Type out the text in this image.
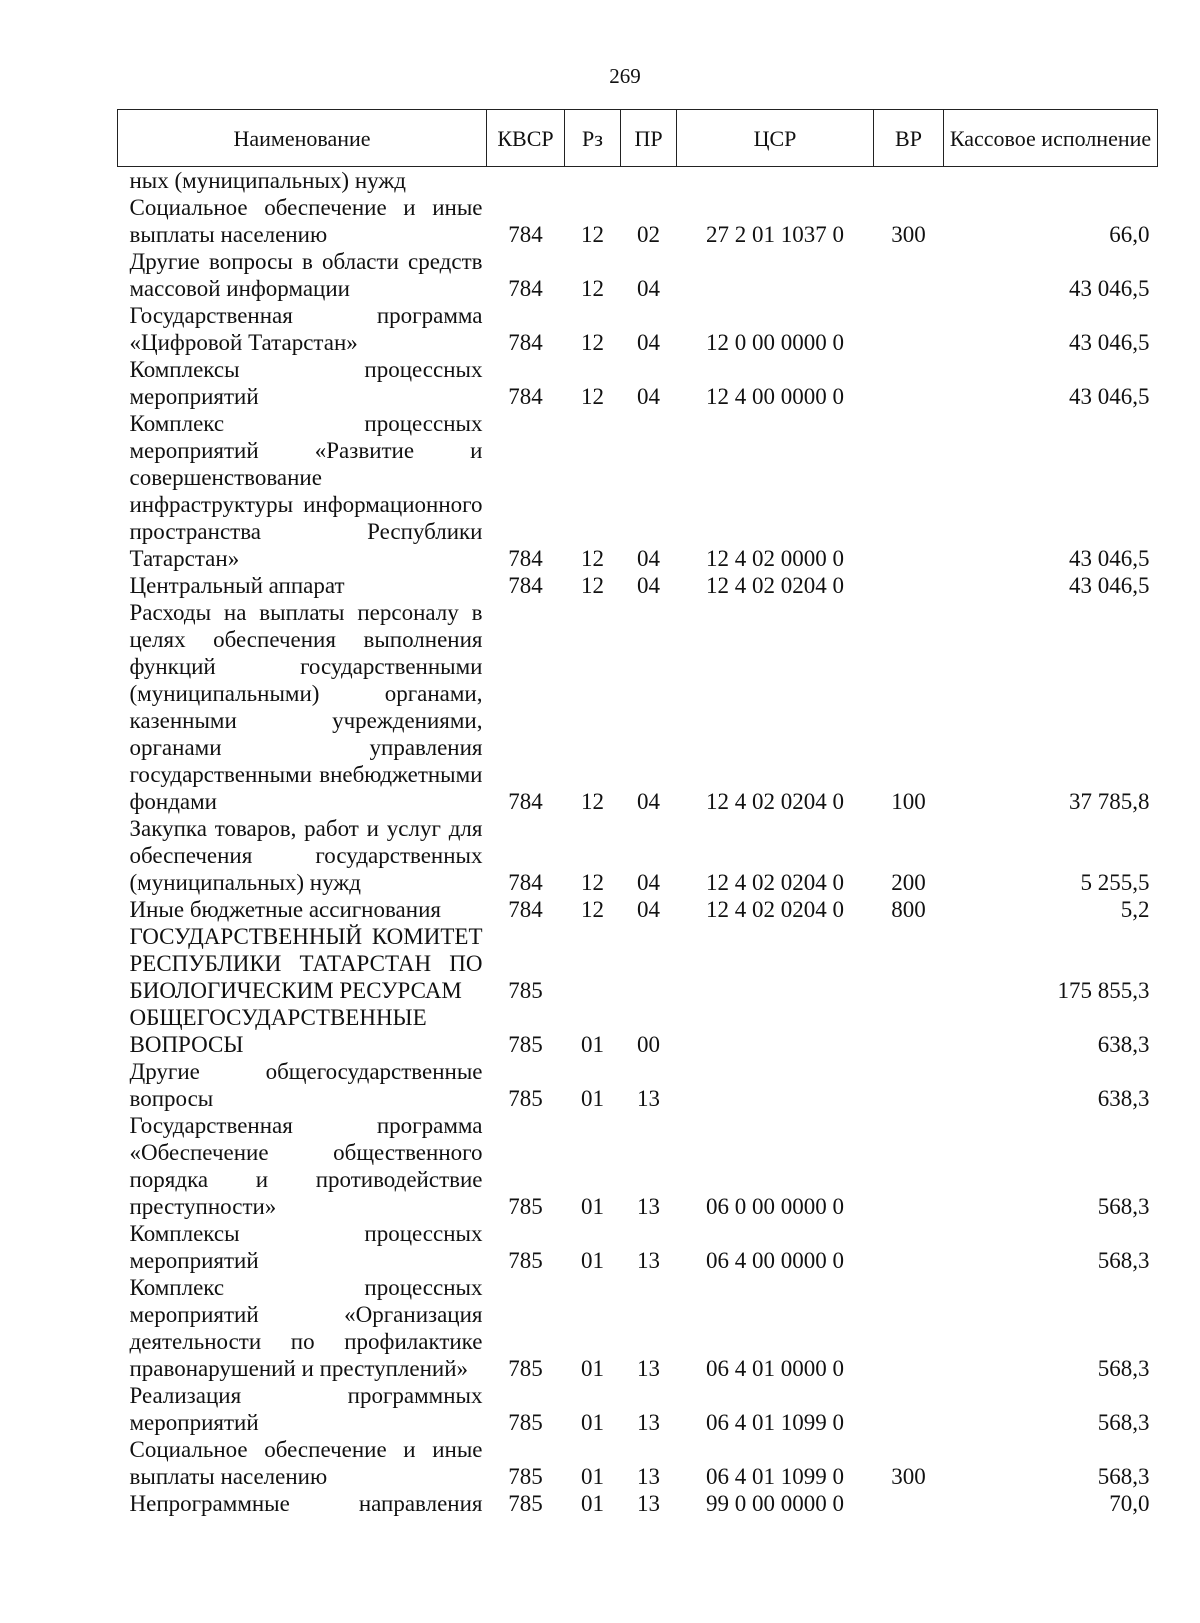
269
Наименование	КВСР	Рз	ПР	ЦСР	ВР	Кассовое исполнение
ных (муниципальных) нужд						
Социальное обеспечение и иные выплаты населению	784	12	02	27 2 01 1037 0	300	66,0
Другие вопросы в области средств массовой информации	784	12	04			43 046,5
Государственная программа «Цифровой Татарстан»	784	12	04	12 0 00 0000 0		43 046,5
Комплексы процессных мероприятий	784	12	04	12 4 00 0000 0		43 046,5
Комплекс процессных мероприятий «Развитие и совершенствование инфраструктуры информационного пространства Республики Татарстан»	784	12	04	12 4 02 0000 0		43 046,5
Центральный аппарат	784	12	04	12 4 02 0204 0		43 046,5
Расходы на выплаты персоналу в целях обеспечения выполнения функций государственными (муниципальными) органами, казенными учреждениями, органами управления государственными внебюджетными фондами	784	12	04	12 4 02 0204 0	100	37 785,8
Закупка товаров, работ и услуг для обеспечения государственных (муниципальных) нужд	784	12	04	12 4 02 0204 0	200	5 255,5
Иные бюджетные ассигнования	784	12	04	12 4 02 0204 0	800	5,2
ГОСУДАРСТВЕННЫЙ КОМИТЕТ РЕСПУБЛИКИ ТАТАРСТАН ПО БИОЛОГИЧЕСКИМ РЕСУРСАМ	785					175 855,3
ОБЩЕГОСУДАРСТВЕННЫЕ ВОПРОСЫ	785	01	00			638,3
Другие общегосударственные вопросы	785	01	13			638,3
Государственная программа «Обеспечение общественного порядка и противодействие преступности»	785	01	13	06 0 00 0000 0		568,3
Комплексы процессных мероприятий	785	01	13	06 4 00 0000 0		568,3
Комплекс процессных мероприятий «Организация деятельности по профилактике правонарушений и преступлений»	785	01	13	06 4 01 0000 0		568,3
Реализация программных мероприятий	785	01	13	06 4 01 1099 0		568,3
Социальное обеспечение и иные выплаты населению	785	01	13	06 4 01 1099 0	300	568,3
Непрограммные направления	785	01	13	99 0 00 0000 0		70,0
